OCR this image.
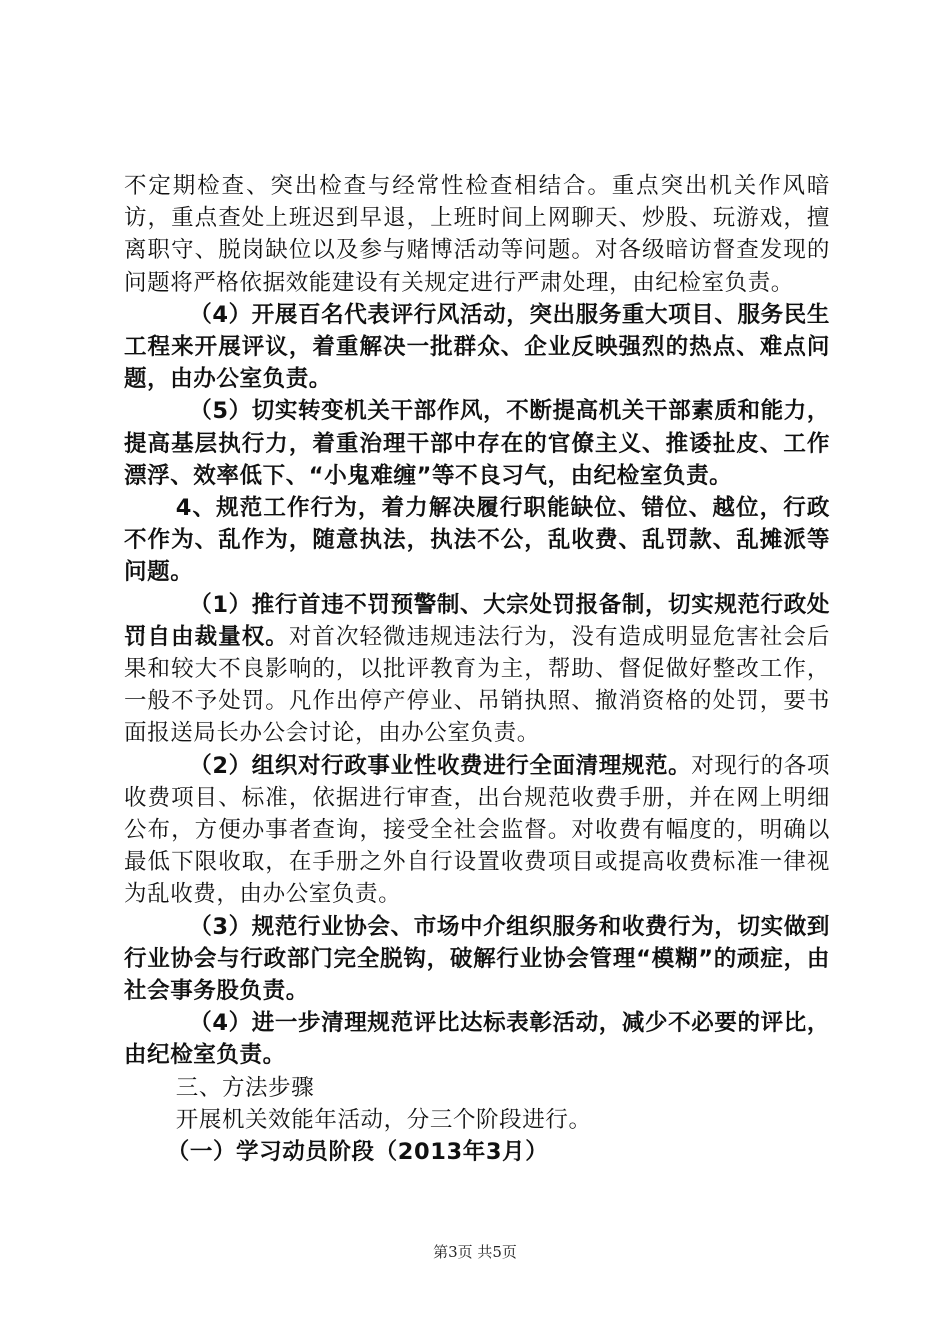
不定期检查、突出检查与经常性检查相结合。重点突出机关作风暗访，重点查处上班迟到早退，上班时间上网聊天、炒股、玩游戏，擅离职守、脱岗缺位以及参与赌博活动等问题。对各级暗访督查发现的问题将严格依据效能建设有关规定进行严肃处理，由纪检室负责。

（4）开展百名代表评行风活动，突出服务重大项目、服务民生工程来开展评议，着重解决一批群众、企业反映强烈的热点、难点问题，由办公室负责。

（5）切实转变机关干部作风，不断提高机关干部素质和能力，提高基层执行力，着重治理干部中存在的官僚主义、推诿扯皮、工作漂浮、效率低下、“小鬼难缠”等不良习气，由纪检室负责。

4、规范工作行为，着力解决履行职能缺位、错位、越位，行政不作为、乱作为，随意执法，执法不公，乱收费、乱罚款、乱摊派等问题。

（1）推行首违不罚预警制、大宗处罚报备制，切实规范行政处罚自由裁量权。对首次轻微违规违法行为，没有造成明显危害社会后果和较大不良影响的，以批评教育为主，帮助、督促做好整改工作，一般不予处罚。凡作出停产停业、吊销执照、撤消资格的处罚，要书面报送局长办公会讨论，由办公室负责。

（2）组织对行政事业性收费进行全面清理规范。对现行的各项收费项目、标准，依据进行审查，出台规范收费手册，并在网上明细公布，方便办事者查询，接受全社会监督。对收费有幅度的，明确以最低下限收取，在手册之外自行设置收费项目或提高收费标准一律视为乱收费，由办公室负责。

（3）规范行业协会、市场中介组织服务和收费行为，切实做到行业协会与行政部门完全脱钩，破解行业协会管理“模糊”的顽症，由社会事务股负责。

（4）进一步清理规范评比达标表彰活动，减少不必要的评比，由纪检室负责。

三、方法步骤

开展机关效能年活动，分三个阶段进行。

（一）学习动员阶段（2013年3月）

第3页 共5页
